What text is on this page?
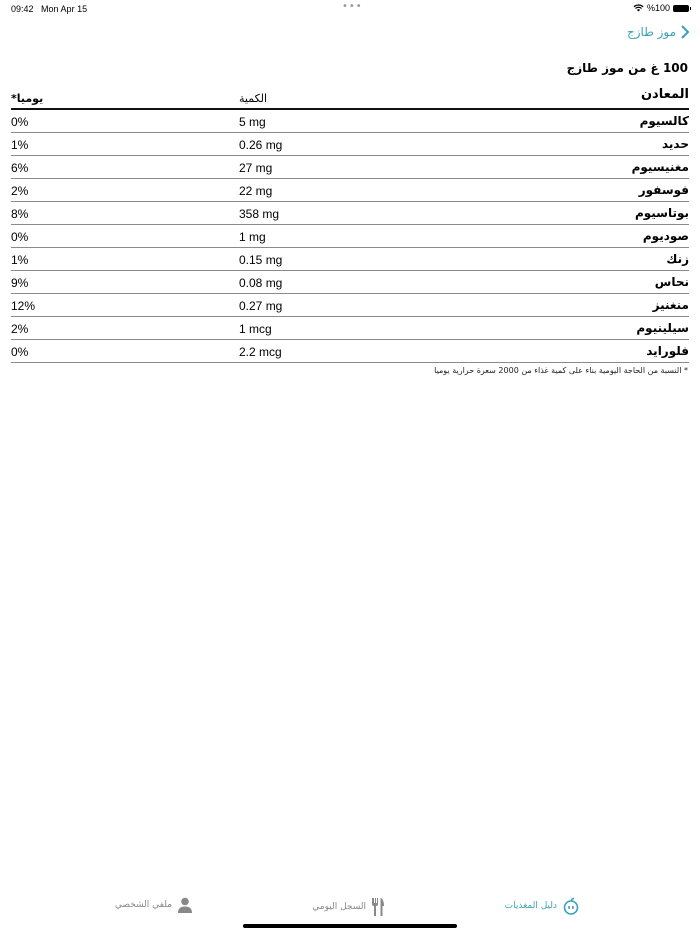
09:42 Mon Apr 15	•••	%100
موز طازج
100 غ من موز طازج
المعادن
الكمية
يوميا*
كالسيوم
5 mg
0%
حديد
0.26 mg
1%
مغنيسيوم
27 mg
6%
فوسفور
22 mg
2%
بوتاسيوم
358 mg
8%
صوديوم
1 mg
0%
زنك
0.15 mg
1%
نحاس
0.08 mg
9%
منغنيز
0.27 mg
12%
سيلينيوم
1 mcg
2%
فلورايد
2.2 mcg
0%
* النسبة من الحاجة اليومية بناء على كمية غذاء من 2000 سعرة حرارية يوميا
دليل المغذيات
السجل اليومي
ملفي الشخصي
